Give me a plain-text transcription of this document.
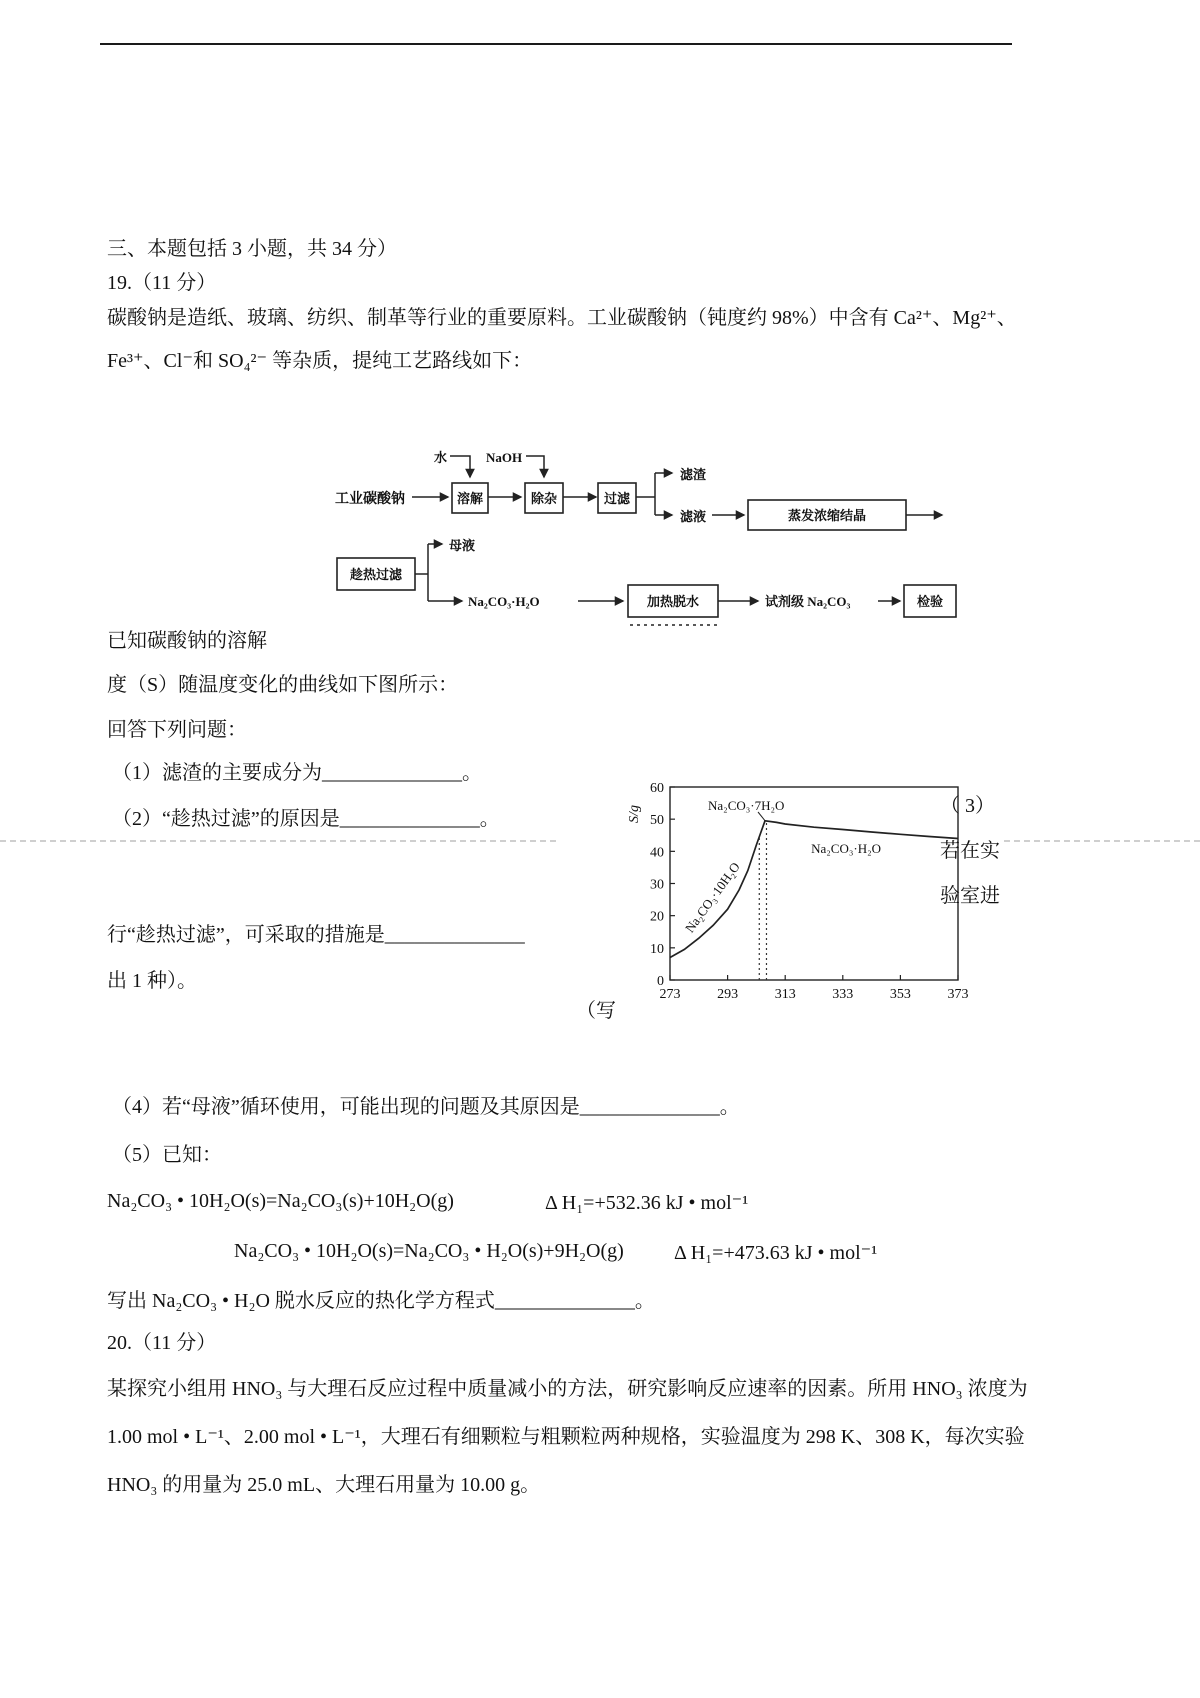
三、本题包括 3 小题，共 34 分）
19.（11 分）
碳酸钠是造纸、玻璃、纺织、制革等行业的重要原料。工业碳酸钠（钝度约 98%）中含有 Ca²⁺、Mg²⁺、
Fe³⁺、Cl⁻和 SO₄²⁻ 等杂质，提纯工艺路线如下：
工业碳酸钠
水
溶解
NaOH
除杂	过滤
滤渣
滤液	蒸发浓缩结晶
趁热过滤
母液
Na₂CO₃·H₂O	加热脱水	试剂级 Na₂CO₃	检验
已知碳酸钠的溶解
度（S）随温度变化的曲线如下图所示：
回答下列问题：
（1）滤渣的主要成分为______________。
（2）“趁热过滤”的原因是______________。
0
10
20
30
40
50
60
273	293	313	333	353	373
Na₂CO₃·7H₂O
Na₂CO₃·H₂O
Na₂CO₃·10H₂O
S/g	（ 3）
若在实
验室进
行“趁热过滤”，可采取的措施是______________
（写
出 1 种）。
（4）若“母液”循环使用，可能出现的问题及其原因是______________。
（5）已知：
Na₂CO₃ • 10H₂O(s)=Na₂CO₃(s)+10H₂O(g)	Δ H₁=+532.36 kJ • mol⁻¹
Na₂CO₃ • 10H₂O(s)=Na₂CO₃ • H₂O(s)+9H₂O(g)	Δ H₁=+473.63 kJ • mol⁻¹
写出 Na₂CO₃ • H₂O 脱水反应的热化学方程式______________。
20.（11 分）
某探究小组用 HNO₃ 与大理石反应过程中质量减小的方法，研究影响反应速率的因素。所用 HNO₃ 浓度为
1.00 mol • L⁻¹、2.00 mol • L⁻¹，大理石有细颗粒与粗颗粒两种规格，实验温度为 298 K、308 K，每次实验
HNO₃ 的用量为 25.0 mL、大理石用量为 10.00 g。
